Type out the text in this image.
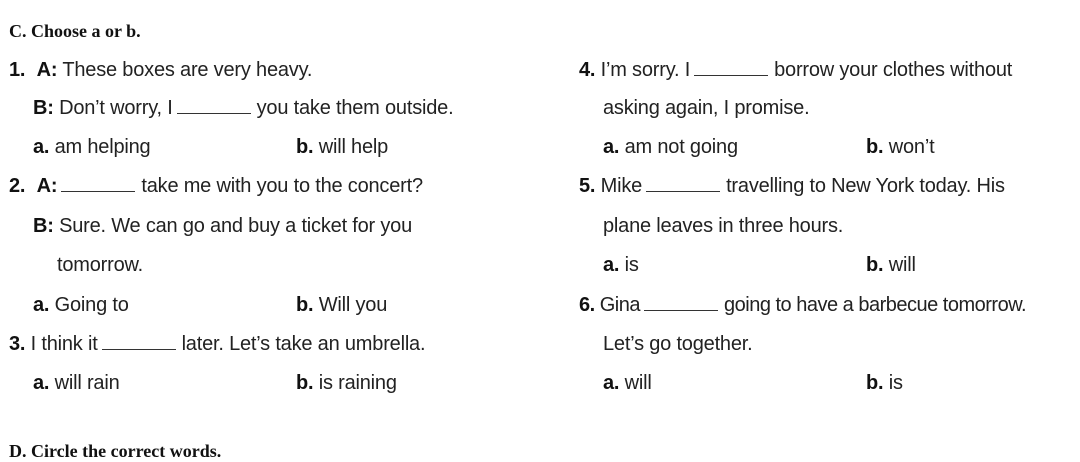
C. Choose a or b.
1. A: These boxes are very heavy.
B: Don’t worry, I	you take them outside.
a. am helping	b. will help
2. A:	take me with you to the concert?
B: Sure. We can go and buy a ticket for you
tomorrow.
a. Going to	b. Will you
3. I think it	later. Let’s take an umbrella.
a. will rain	b. is raining
4. I’m sorry. I	borrow your clothes without
asking again, I promise.
a. am not going	b. won’t
5. Mike	travelling to New York today. His
plane leaves in three hours.
a. is	b. will
6. Gina	going to have a barbecue tomorrow.
Let’s go together.
a. will	b. is
D. Circle the correct words.
